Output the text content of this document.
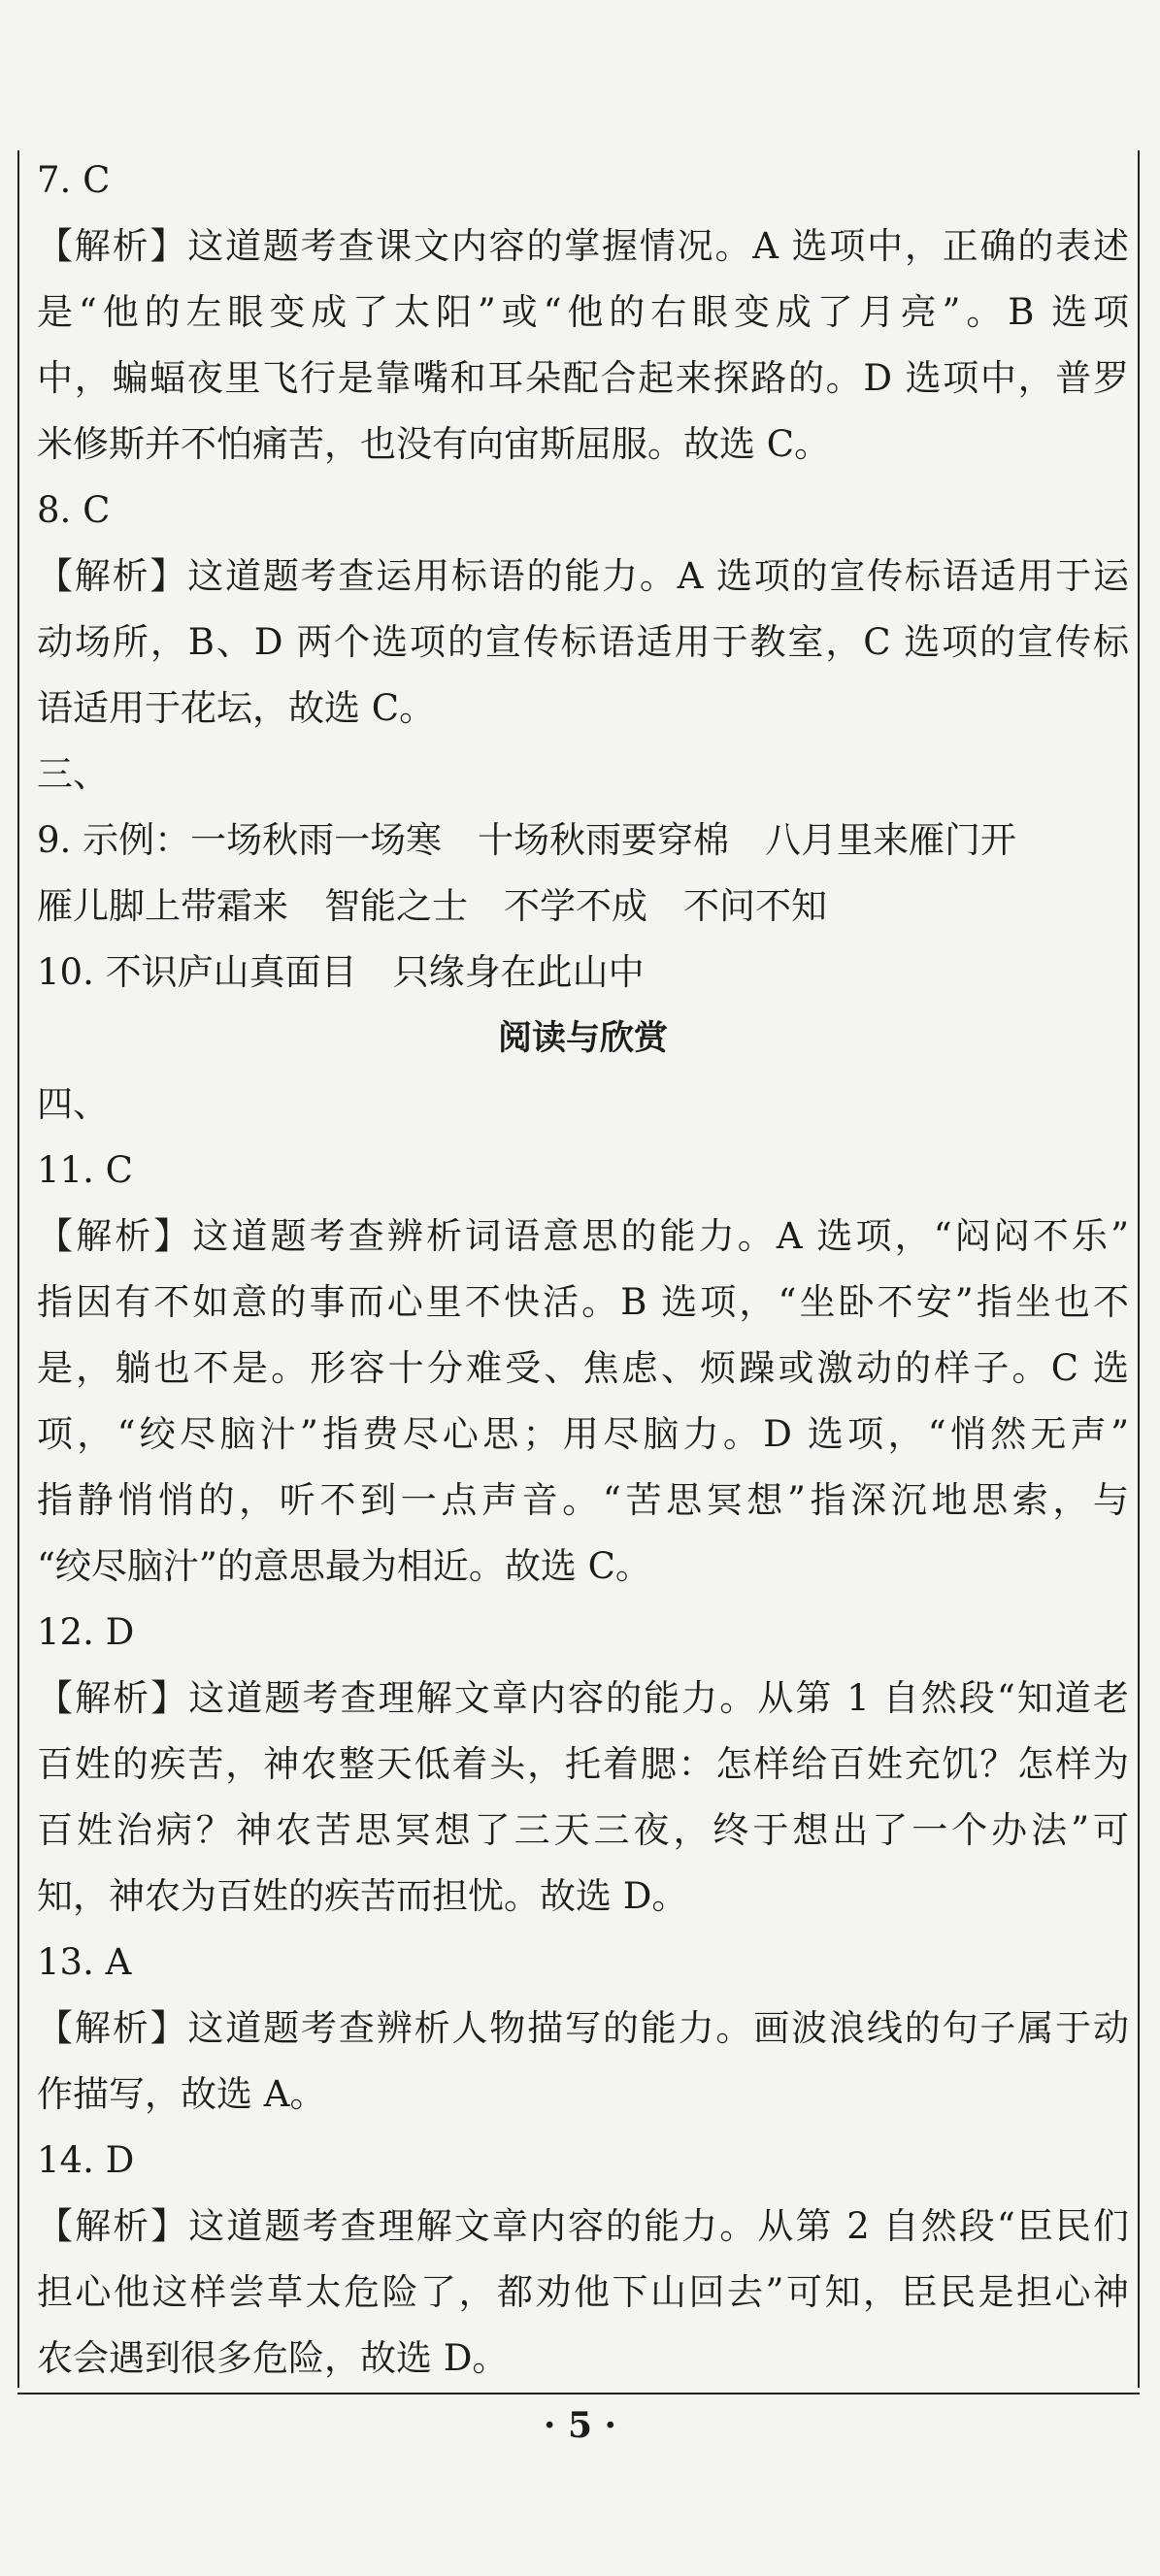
7. C
【解析】这道题考查课文内容的掌握情况。A 选项中，正确的表述
是“他的左眼变成了太阳”或“他的右眼变成了月亮”。B 选项
中，蝙蝠夜里飞行是靠嘴和耳朵配合起来探路的。D 选项中，普罗
米修斯并不怕痛苦，也没有向宙斯屈服。故选 C。
8. C
【解析】这道题考查运用标语的能力。A 选项的宣传标语适用于运
动场所，B、D 两个选项的宣传标语适用于教室，C 选项的宣传标
语适用于花坛，故选 C。
三、
9. 示例：一场秋雨一场寒　十场秋雨要穿棉　八月里来雁门开
雁儿脚上带霜来　智能之士　不学不成　不问不知
10. 不识庐山真面目　只缘身在此山中
阅读与欣赏
四、
11. C
【解析】这道题考查辨析词语意思的能力。A 选项，“闷闷不乐”
指因有不如意的事而心里不快活。B 选项，“坐卧不安”指坐也不
是，躺也不是。形容十分难受、焦虑、烦躁或激动的样子。C 选
项，“绞尽脑汁”指费尽心思；用尽脑力。D 选项，“悄然无声”
指静悄悄的，听不到一点声音。“苦思冥想”指深沉地思索，与
“绞尽脑汁”的意思最为相近。故选 C。
12. D
【解析】这道题考查理解文章内容的能力。从第 1 自然段“知道老
百姓的疾苦，神农整天低着头，托着腮：怎样给百姓充饥？怎样为
百姓治病？神农苦思冥想了三天三夜，终于想出了一个办法”可
知，神农为百姓的疾苦而担忧。故选 D。
13. A
【解析】这道题考查辨析人物描写的能力。画波浪线的句子属于动
作描写，故选 A。
14. D
【解析】这道题考查理解文章内容的能力。从第 2 自然段“臣民们
担心他这样尝草太危险了，都劝他下山回去”可知，臣民是担心神
农会遇到很多危险，故选 D。
· 5 ·
